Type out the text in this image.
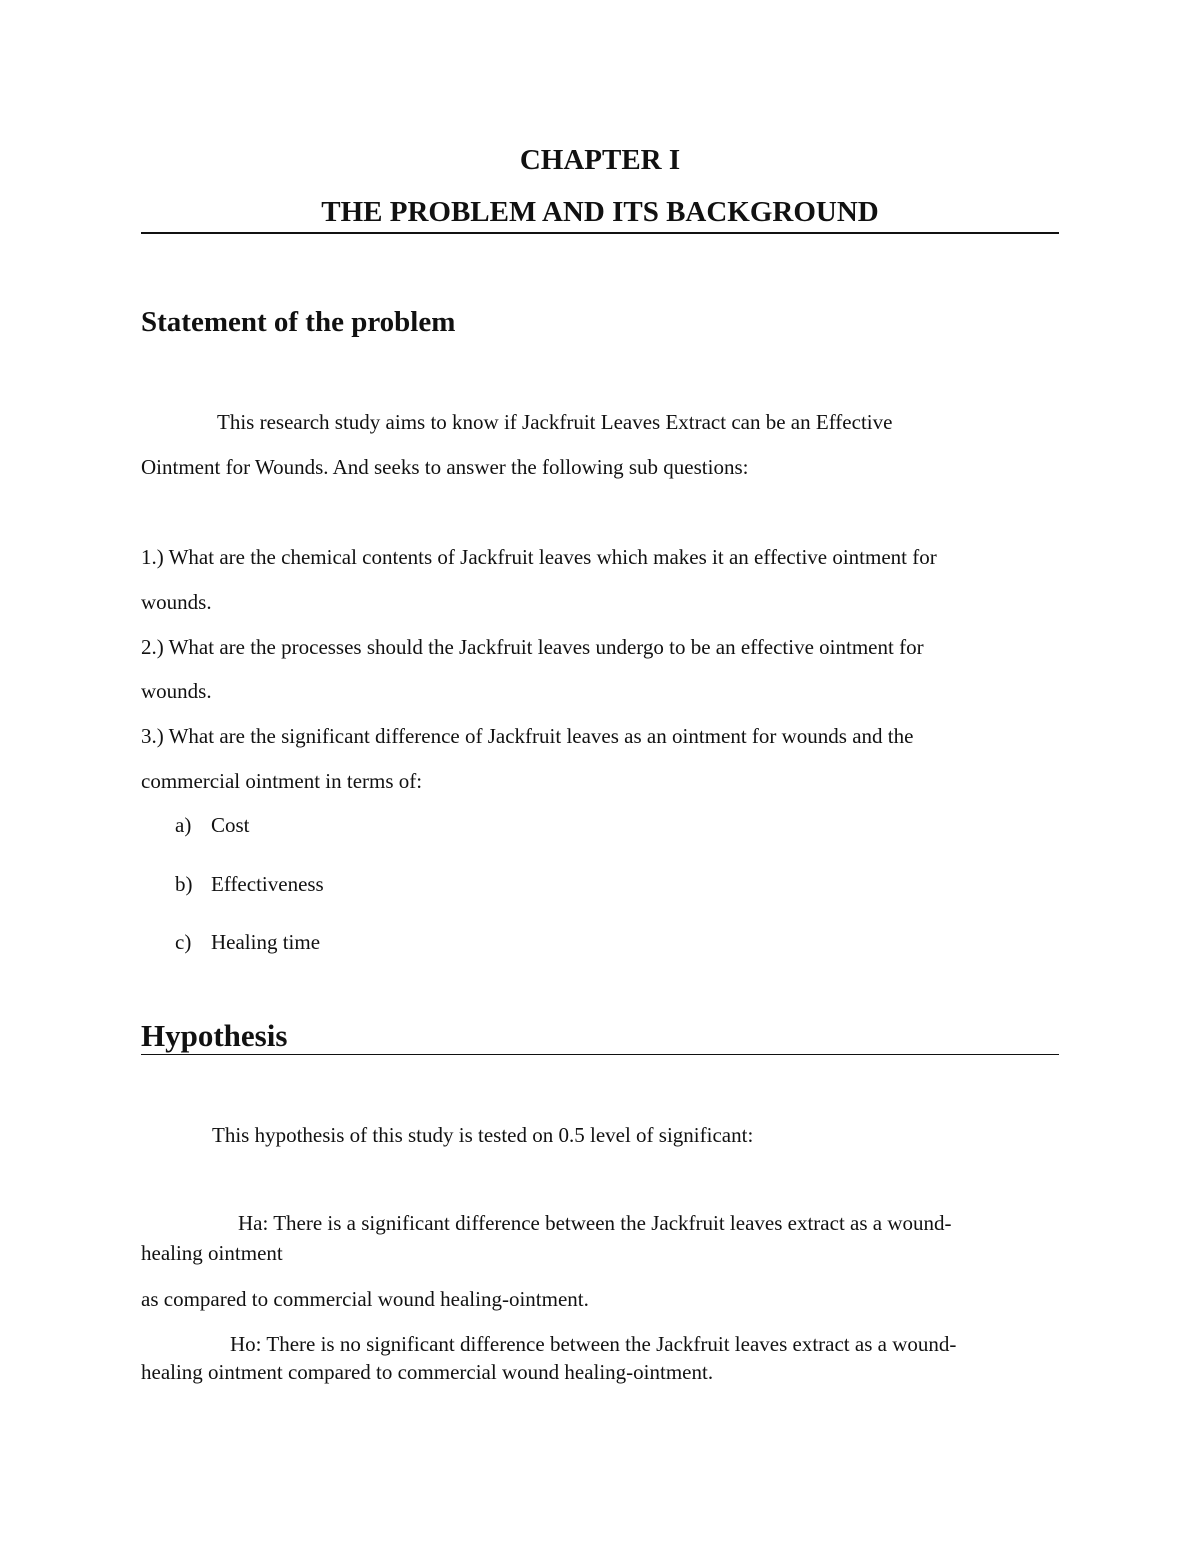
CHAPTER I
THE PROBLEM AND ITS BACKGROUND
Statement of the problem
This research study aims to know if Jackfruit Leaves Extract can be an Effective
Ointment for Wounds. And seeks to answer the following sub questions:
1.) What are the chemical contents of Jackfruit leaves which makes it an effective ointment for
wounds.
2.) What are the processes should the Jackfruit leaves undergo to be an effective ointment for
wounds.
3.) What are the significant difference of Jackfruit leaves as an ointment for wounds and the
commercial ointment in terms of:
a) Cost
b) Effectiveness
c) Healing time
Hypothesis
This hypothesis of this study is tested on 0.5 level of significant:
Ha: There is a significant difference between the Jackfruit leaves extract as a wound-
healing ointment
as compared to commercial wound healing-ointment.
Ho: There is no significant difference between the Jackfruit leaves extract as a wound-
healing ointment compared to commercial wound healing-ointment.
